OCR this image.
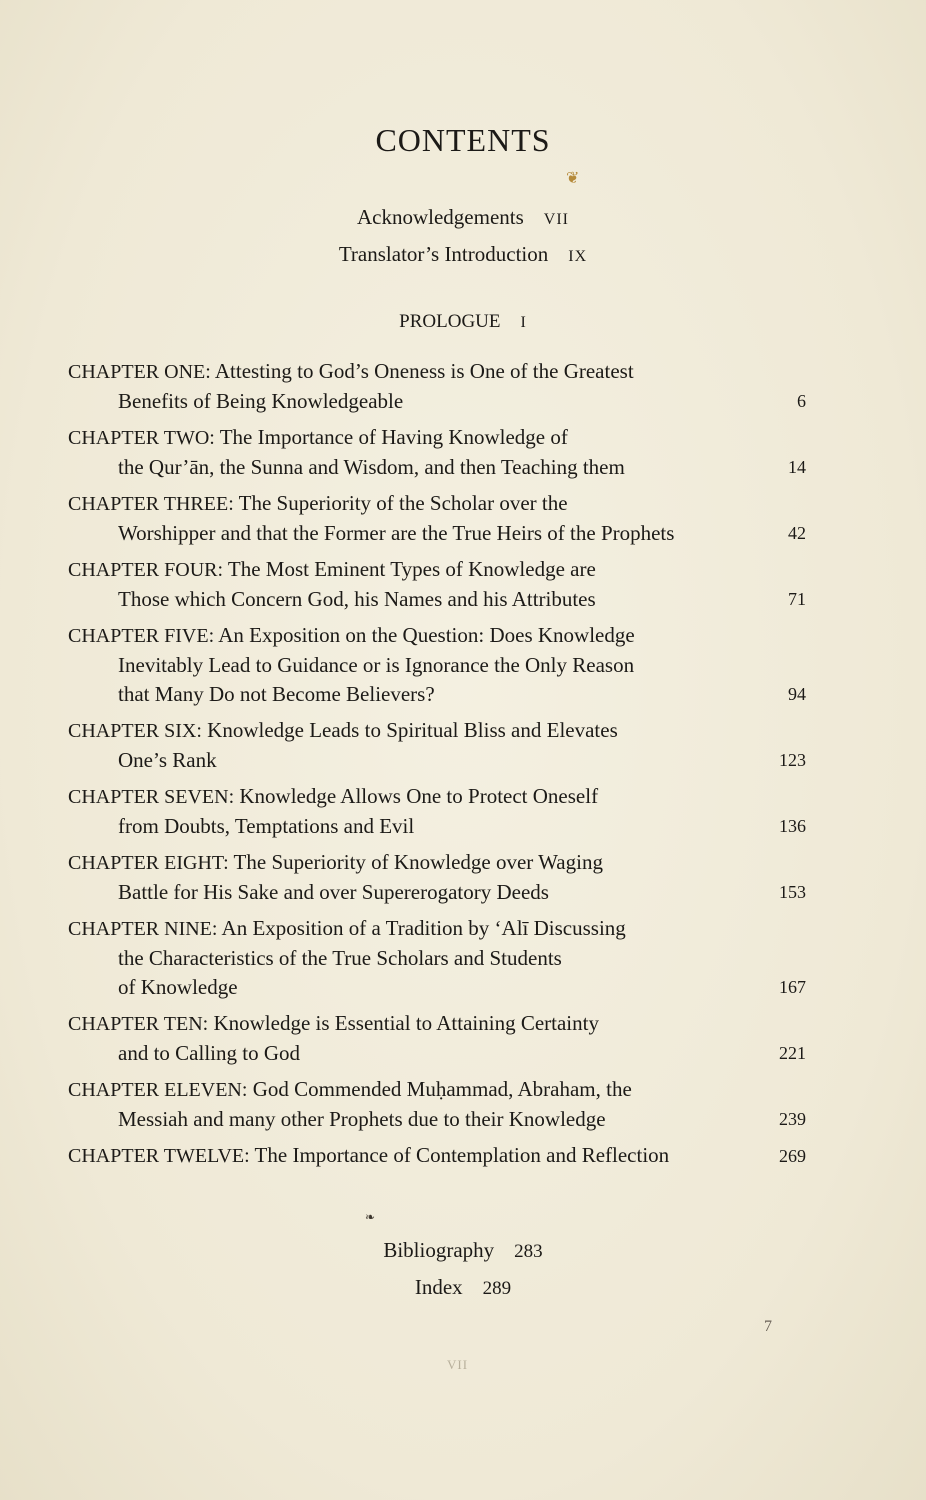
CONTENTS
❦
Acknowledgements VII
Translator’s Introduction IX
PROLOGUE I
CHAPTER ONE: Attesting to God’s Oneness is One of the Greatest
Benefits of Being Knowledgeable	6
CHAPTER TWO: The Importance of Having Knowledge of
the Qur’ān, the Sunna and Wisdom, and then Teaching them	14
CHAPTER THREE: The Superiority of the Scholar over the
Worshipper and that the Former are the True Heirs of the Prophets	42
CHAPTER FOUR: The Most Eminent Types of Knowledge are
Those which Concern God, his Names and his Attributes	71
CHAPTER FIVE: An Exposition on the Question: Does Knowledge
Inevitably Lead to Guidance or is Ignorance the Only Reason
that Many Do not Become Believers?	94
CHAPTER SIX: Knowledge Leads to Spiritual Bliss and Elevates
One’s Rank	123
CHAPTER SEVEN: Knowledge Allows One to Protect Oneself
from Doubts, Temptations and Evil	136
CHAPTER EIGHT: The Superiority of Knowledge over Waging
Battle for His Sake and over Supererogatory Deeds	153
CHAPTER NINE: An Exposition of a Tradition by ‘Alī Discussing
the Characteristics of the True Scholars and Students
of Knowledge	167
CHAPTER TEN: Knowledge is Essential to Attaining Certainty
and to Calling to God	221
CHAPTER ELEVEN: God Commended Muḥammad, Abraham, the
Messiah and many other Prophets due to their Knowledge	239
CHAPTER TWELVE: The Importance of Contemplation and Reflection	269
❧
Bibliography 283
Index 289
7
VII
